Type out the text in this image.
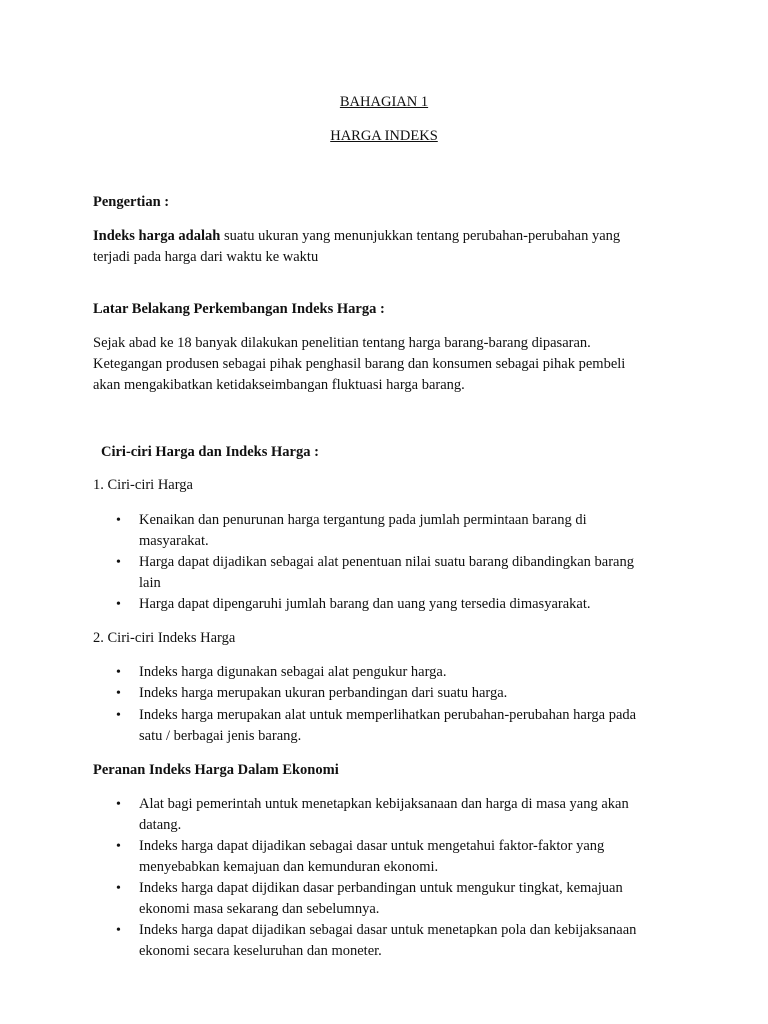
BAHAGIAN 1

HARGA INDEKS

Pengertian :

Indeks harga adalah suatu ukuran yang menunjukkan tentang perubahan-perubahan yang

terjadi pada harga dari waktu ke waktu

Latar Belakang Perkembangan Indeks Harga :

Sejak abad ke 18 banyak dilakukan penelitian tentang harga barang-barang dipasaran.

Ketegangan produsen sebagai pihak penghasil barang dan konsumen sebagai pihak pembeli

akan mengakibatkan ketidakseimbangan fluktuasi harga barang.

Ciri-ciri Harga dan Indeks Harga :

1. Ciri-ciri Harga

• Kenaikan dan penurunan harga tergantung pada jumlah permintaan barang di

masyarakat.

• Harga dapat dijadikan sebagai alat penentuan nilai suatu barang dibandingkan barang

lain

• Harga dapat dipengaruhi jumlah barang dan uang yang tersedia dimasyarakat.

2. Ciri-ciri Indeks Harga

• Indeks harga digunakan sebagai alat pengukur harga.

• Indeks harga merupakan ukuran perbandingan dari suatu harga.

• Indeks harga merupakan alat untuk memperlihatkan perubahan-perubahan harga pada

satu / berbagai jenis barang.

Peranan Indeks Harga Dalam Ekonomi

• Alat bagi pemerintah untuk menetapkan kebijaksanaan dan harga di masa yang akan

datang.

• Indeks harga dapat dijadikan sebagai dasar untuk mengetahui faktor-faktor yang

menyebabkan kemajuan dan kemunduran ekonomi.

• Indeks harga dapat dijdikan dasar perbandingan untuk mengukur tingkat, kemajuan

ekonomi masa sekarang dan sebelumnya.

• Indeks harga dapat dijadikan sebagai dasar untuk menetapkan pola dan kebijaksanaan

ekonomi secara keseluruhan dan moneter.
